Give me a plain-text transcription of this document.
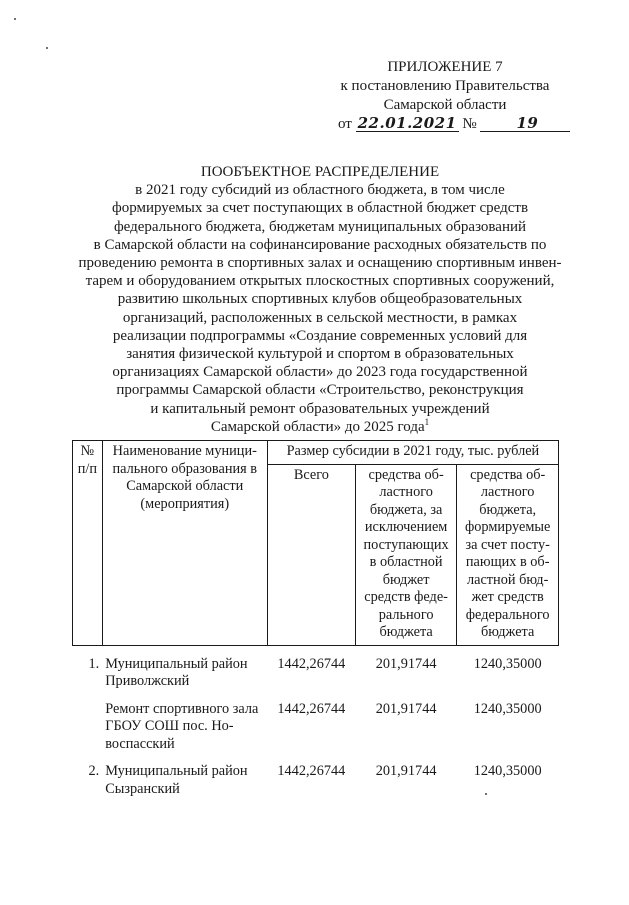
ПРИЛОЖЕНИЕ 7
к постановлению Правительства
Самарской области
от 22.01.2021 №	19
ПООБЪЕКТНОЕ РАСПРЕДЕЛЕНИЕ
в 2021 году субсидий из областного бюджета, в том числе
формируемых за счет поступающих в областной бюджет средств
федерального бюджета, бюджетам муниципальных образований
в Самарской области на софинансирование расходных обязательств по
проведению ремонта в спортивных залах и оснащению спортивным инвен-
тарем и оборудованием открытых плоскостных спортивных сооружений,
развитию школьных спортивных клубов общеобразовательных
организаций, расположенных в сельской местности, в рамках
реализации подпрограммы «Создание современных условий для
занятия физической культурой и спортом в образовательных
организациях Самарской области» до 2023 года государственной
программы Самарской области «Строительство, реконструкция
и капитальный ремонт образовательных учреждений
Самарской области» до 2025 года$^1$
№ п/п	Наименование муници-пального образования в Самарской области (мероприятия)	Размер субсидии в 2021 году, тыс. рублей		
		Всего	средства об-ластного бюджета, за исключением поступающих в областной бюджет средств феде-рального бюджета	средства об-ластного бюджета, формируемые за счет посту-пающих в об-ластной бюд-жет средств федерального бюджета

1.	Муниципальный район Приволжский	1442,26744	201,91744	1240,35000

	Ремонт спортивного зала ГБОУ СОШ пос. Но-воспасский	1442,26744	201,91744	1240,35000

2.	Муниципальный район Сызранский	1442,26744	201,91744	1240,35000
